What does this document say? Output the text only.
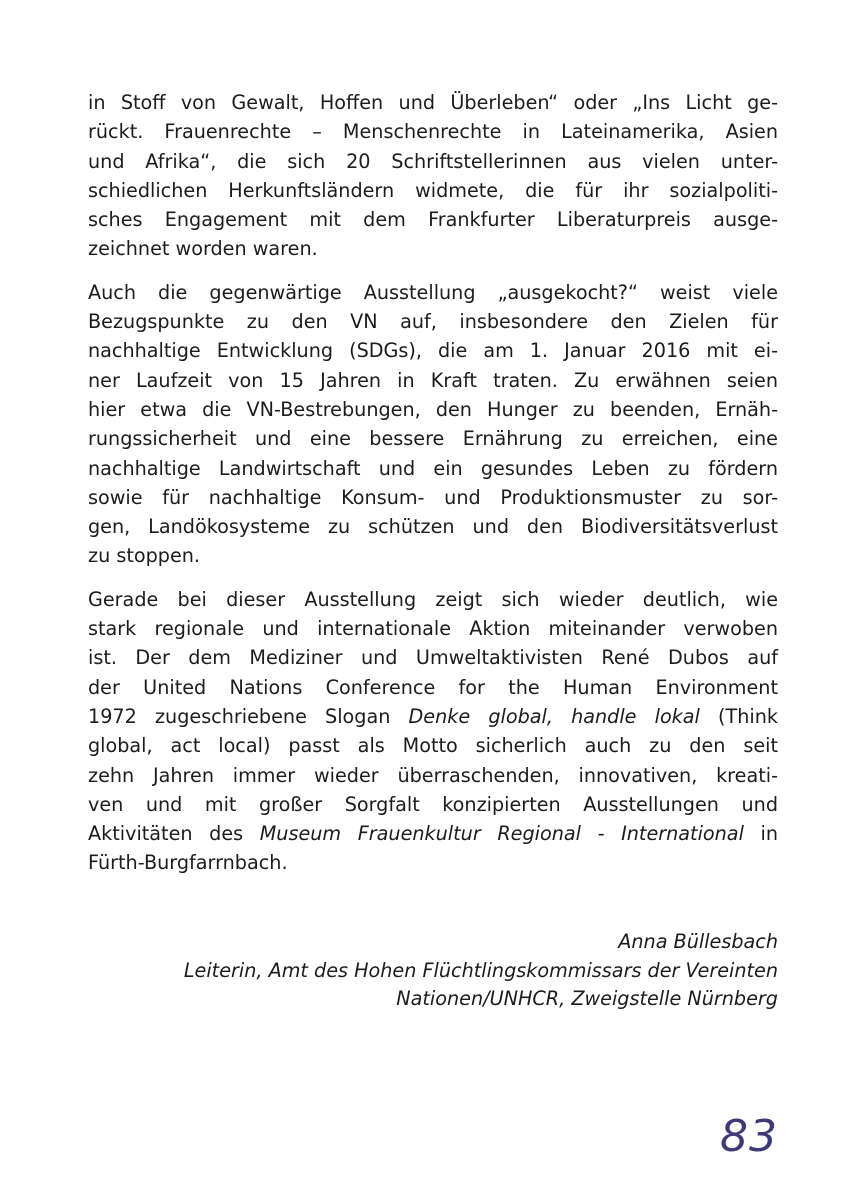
in Stoff von Gewalt, Hoffen und Überleben“ oder „Ins Licht ge-
rückt. Frauenrechte – Menschenrechte in Lateinamerika, Asien
und Afrika“, die sich 20 Schriftstellerinnen aus vielen unter-
schiedlichen Herkunftsländern widmete, die für ihr sozialpoliti-
sches Engagement mit dem Frankfurter Liberaturpreis ausge-
zeichnet worden waren.

Auch die gegenwärtige Ausstellung „ausgekocht?“ weist viele
Bezugspunkte zu den VN auf, insbesondere den Zielen für
nachhaltige Entwicklung (SDGs), die am 1. Januar 2016 mit ei-
ner Laufzeit von 15 Jahren in Kraft traten. Zu erwähnen seien
hier etwa die VN-Bestrebungen, den Hunger zu beenden, Ernäh-
rungssicherheit und eine bessere Ernährung zu erreichen, eine
nachhaltige Landwirtschaft und ein gesundes Leben zu fördern
sowie für nachhaltige Konsum- und Produktionsmuster zu sor-
gen, Landökosysteme zu schützen und den Biodiversitätsverlust
zu stoppen.

Gerade bei dieser Ausstellung zeigt sich wieder deutlich, wie
stark regionale und internationale Aktion miteinander verwoben
ist. Der dem Mediziner und Umweltaktivisten René Dubos auf
der United Nations Conference for the Human Environment
1972 zugeschriebene Slogan Denke global, handle lokal (Think
global, act local) passt als Motto sicherlich auch zu den seit
zehn Jahren immer wieder überraschenden, innovativen, kreati-
ven und mit großer Sorgfalt konzipierten Ausstellungen und
Aktivitäten des Museum Frauenkultur Regional - International in
Fürth-Burgfarrnbach.

Anna Büllesbach
Leiterin, Amt des Hohen Flüchtlingskommissars der Vereinten
Nationen/UNHCR, Zweigstelle Nürnberg
83
